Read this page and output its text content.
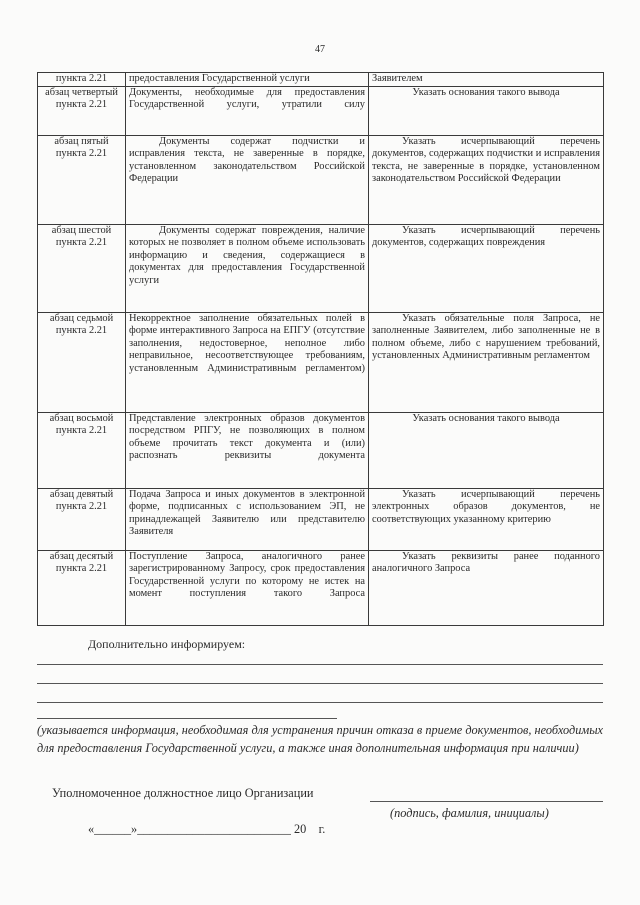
47
пункта 2.21	предоставления Государственной услуги	Заявителем
абзац четвертый пункта 2.21	Документы, необходимые для предоставления Государственной услуги, утратили силу	Указать основания такого вывода
абзац пятый пункта 2.21	Документы содержат подчистки и исправления текста, не заверенные в порядке, установленном законодательством Российской Федерации	Указать исчерпывающий перечень документов, содержащих подчистки и исправления текста, не заверенные в порядке, установленном законодательством Российской Федерации
абзац шестой пункта 2.21	Документы содержат повреждения, наличие которых не позволяет в полном объеме использовать информацию и сведения, содержащиеся в документах для предоставления Государственной услуги	Указать исчерпывающий перечень документов, содержащих повреждения
абзац седьмой пункта 2.21	Некорректное заполнение обязательных полей в форме интерактивного Запроса на ЕПГУ (отсутствие заполнения, недостоверное, неполное либо неправильное, несоответствующее требованиям, установленным Административным регламентом)	Указать обязательные поля Запроса, не заполненные Заявителем, либо заполненные не в полном объеме, либо с нарушением требований, установленных Административным регламентом
абзац восьмой пункта 2.21	Представление электронных образов документов посредством РПГУ, не позволяющих в полном объеме прочитать текст документа и (или) распознать реквизиты документа	Указать основания такого вывода
абзац девятый пункта 2.21	Подача Запроса и иных документов в электронной форме, подписанных с использованием ЭП, не принадлежащей Заявителю или представителю Заявителя	Указать исчерпывающий перечень электронных образов документов, не соответствующих указанному критерию
абзац десятый пункта 2.21	Поступление Запроса, аналогичного ранее зарегистрированному Запросу, срок предоставления Государственной услуги по которому не истек на момент поступления такого Запроса	Указать реквизиты ранее поданного аналогичного Запроса
Дополнительно информируем:
(указывается информация, необходимая для устранения причин отказа в приеме документов, необходимых для предоставления Государственной услуги, а также иная дополнительная информация при наличии)
Уполномоченное должностное лицо Организации
(подпись, фамилия, инициалы)
«______»_________________________ 20    г.
